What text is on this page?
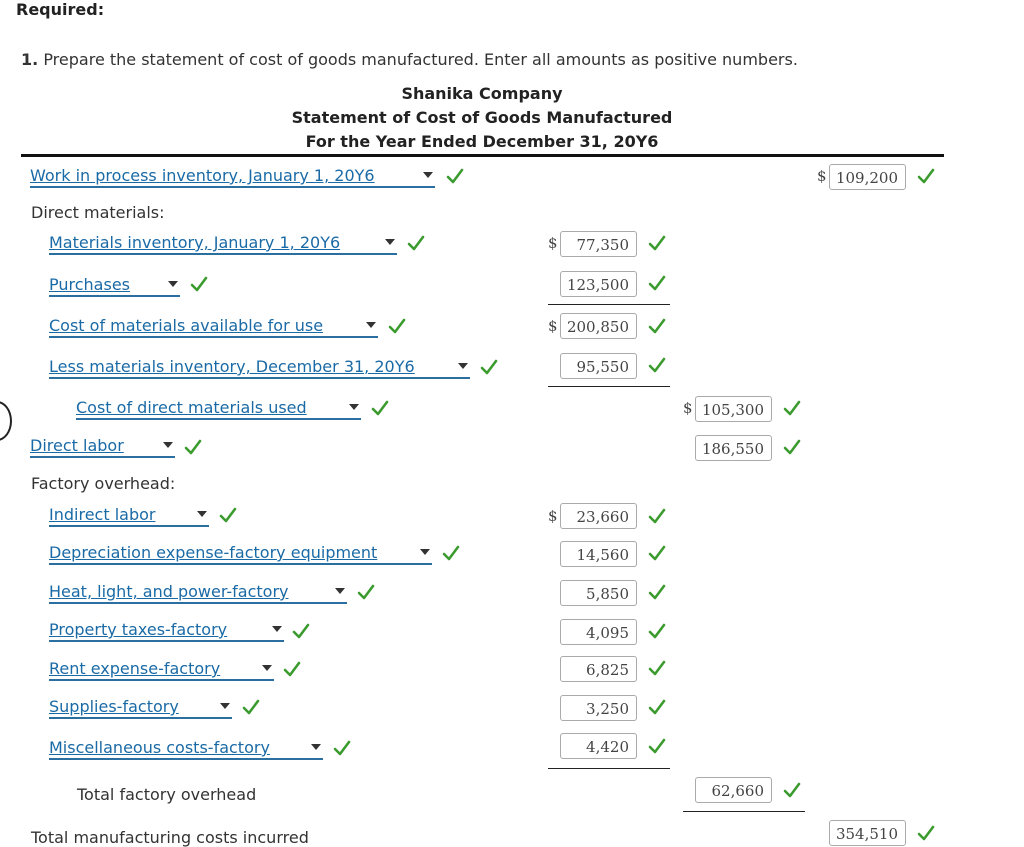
Required:
1. Prepare the statement of cost of goods manufactured. Enter all amounts as positive numbers.
Shanika Company
Statement of Cost of Goods Manufactured
For the Year Ended December 31, 20Y6
Work in process inventory, January 1, 20Y6	$ 109,200
Direct materials:
Materials inventory, January 1, 20Y6	$	77,350
Purchases	123,500
Cost of materials available for use	$ 200,850
Less materials inventory, December 31, 20Y6	95,550
Cost of direct materials used	$ 105,300
Direct labor	186,550
Factory overhead:
Indirect labor	$	23,660
Depreciation expense-factory equipment	14,560
Heat, light, and power-factory	5,850
Property taxes-factory	4,095
Rent expense-factory	6,825
Supplies-factory	3,250
Miscellaneous costs-factory	4,420
Total factory overhead	62,660
Total manufacturing costs incurred	354,510
